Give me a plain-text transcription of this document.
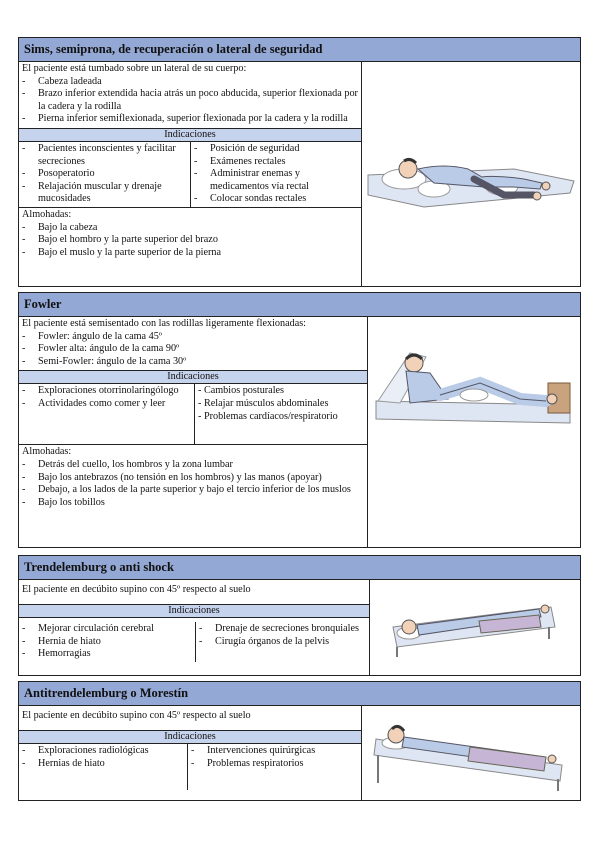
Sims, semiprona, de recuperación o lateral de seguridad
El paciente está tumbado sobre un lateral de su cuerpo:
-	Cabeza ladeada
-	Brazo inferior extendida hacia atrás un poco abducida, superior flexionada por la cadera y la rodilla
-	Pierna inferior semiflexionada, superior flexionada por la cadera y la rodilla
Indicaciones
-	Pacientes inconscientes y facilitar secreciones
-	Posoperatorio
-	Relajación muscular y drenaje mucosidades
-	Posición de seguridad
-	Exámenes rectales
-	Administrar enemas y medicamentos vía rectal
-	Colocar sondas rectales
Almohadas:
-	Bajo la cabeza
-	Bajo el hombro y la parte superior del brazo
-	Bajo el muslo y la parte superior de la pierna
Fowler
El paciente está semisentado con las rodillas ligeramente flexionadas:
-	Fowler: ángulo de la cama 45º
-	Fowler alta: ángulo de la cama 90º
-	Semi-Fowler: ángulo de la cama 30º
Indicaciones
-	Exploraciones otorrinolaringólogo
-	Actividades como comer y leer
- Cambios posturales
- Relajar músculos abdominales
- Problemas cardíacos/respiratorio
Almohadas:
-	Detrás del cuello, los hombros y la zona lumbar
-	Bajo los antebrazos (no tensión en los hombros) y las manos (apoyar)
-	Debajo, a los lados de la parte superior y bajo el tercio inferior de los muslos
-	Bajo los tobillos
Trendelemburg o anti shock
El paciente en decúbito supino con 45º respecto al suelo
Indicaciones
-	Mejorar circulación cerebral
-	Hernia de hiato
-	Hemorragias
-	Drenaje de secreciones bronquiales
-	Cirugía órganos de la pelvis
Antitrendelemburg o Morestín
El paciente en decúbito supino con 45º respecto al suelo
Indicaciones
-	Exploraciones radiológicas
-	Hernias de hiato
-	Intervenciones quirúrgicas
-	Problemas respiratorios
